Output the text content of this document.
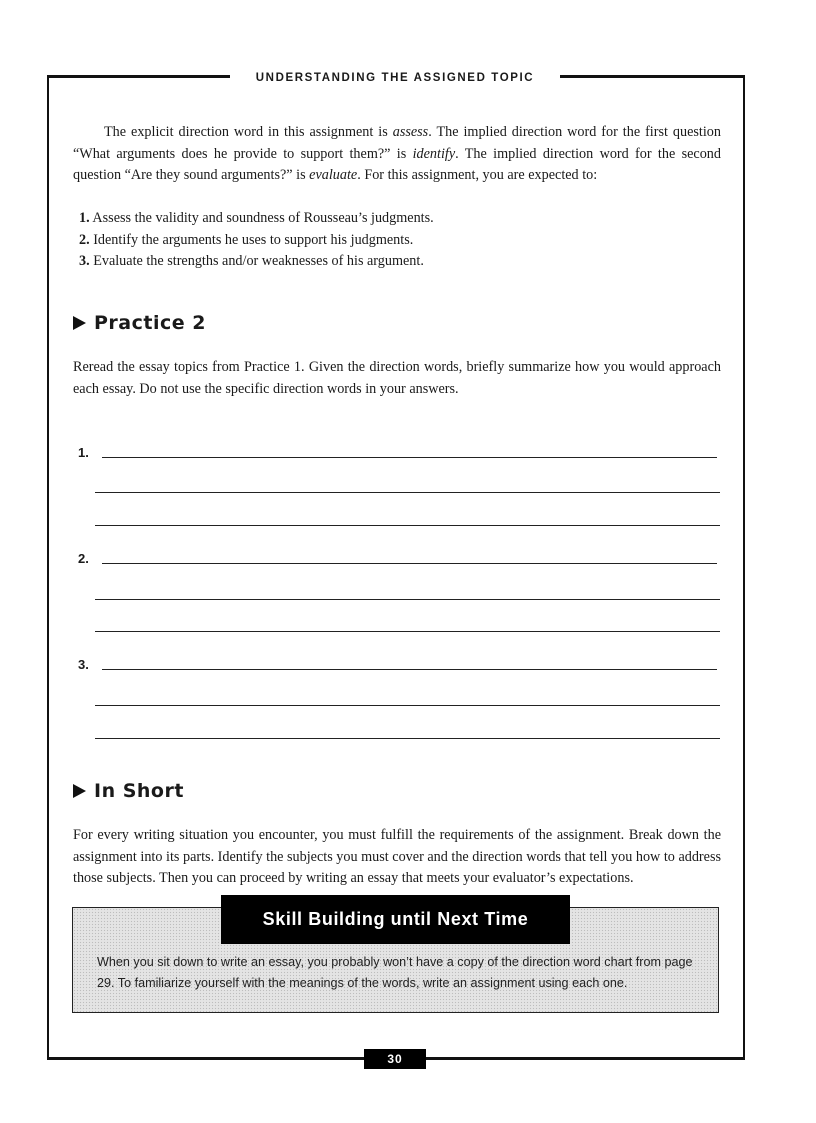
UNDERSTANDING THE ASSIGNED TOPIC

The explicit direction word in this assignment is assess. The implied direction word for the first question “What arguments does he provide to support them?” is identify. The implied direction word for the second question “Are they sound arguments?” is evaluate. For this assignment, you are expected to:

1. Assess the validity and soundness of Rousseau’s judgments.
2. Identify the arguments he uses to support his judgments.
3. Evaluate the strengths and/or weaknesses of his argument.
Practice 2

Reread the essay topics from Practice 1. Given the direction words, briefly summarize how you would approach each essay. Do not use the specific direction words in your answers.

1.
2.
3.
In Short

For every writing situation you encounter, you must fulfill the requirements of the assignment. Break down the assignment into its parts. Identify the subjects you must cover and the direction words that tell you how to address those subjects. Then you can proceed by writing an essay that meets your evaluator’s expectations.

Skill Building until Next Time
When you sit down to write an essay, you probably won’t have a copy of the direction word chart from page 29. To familiarize yourself with the meanings of the words, write an assignment using each one.
30
